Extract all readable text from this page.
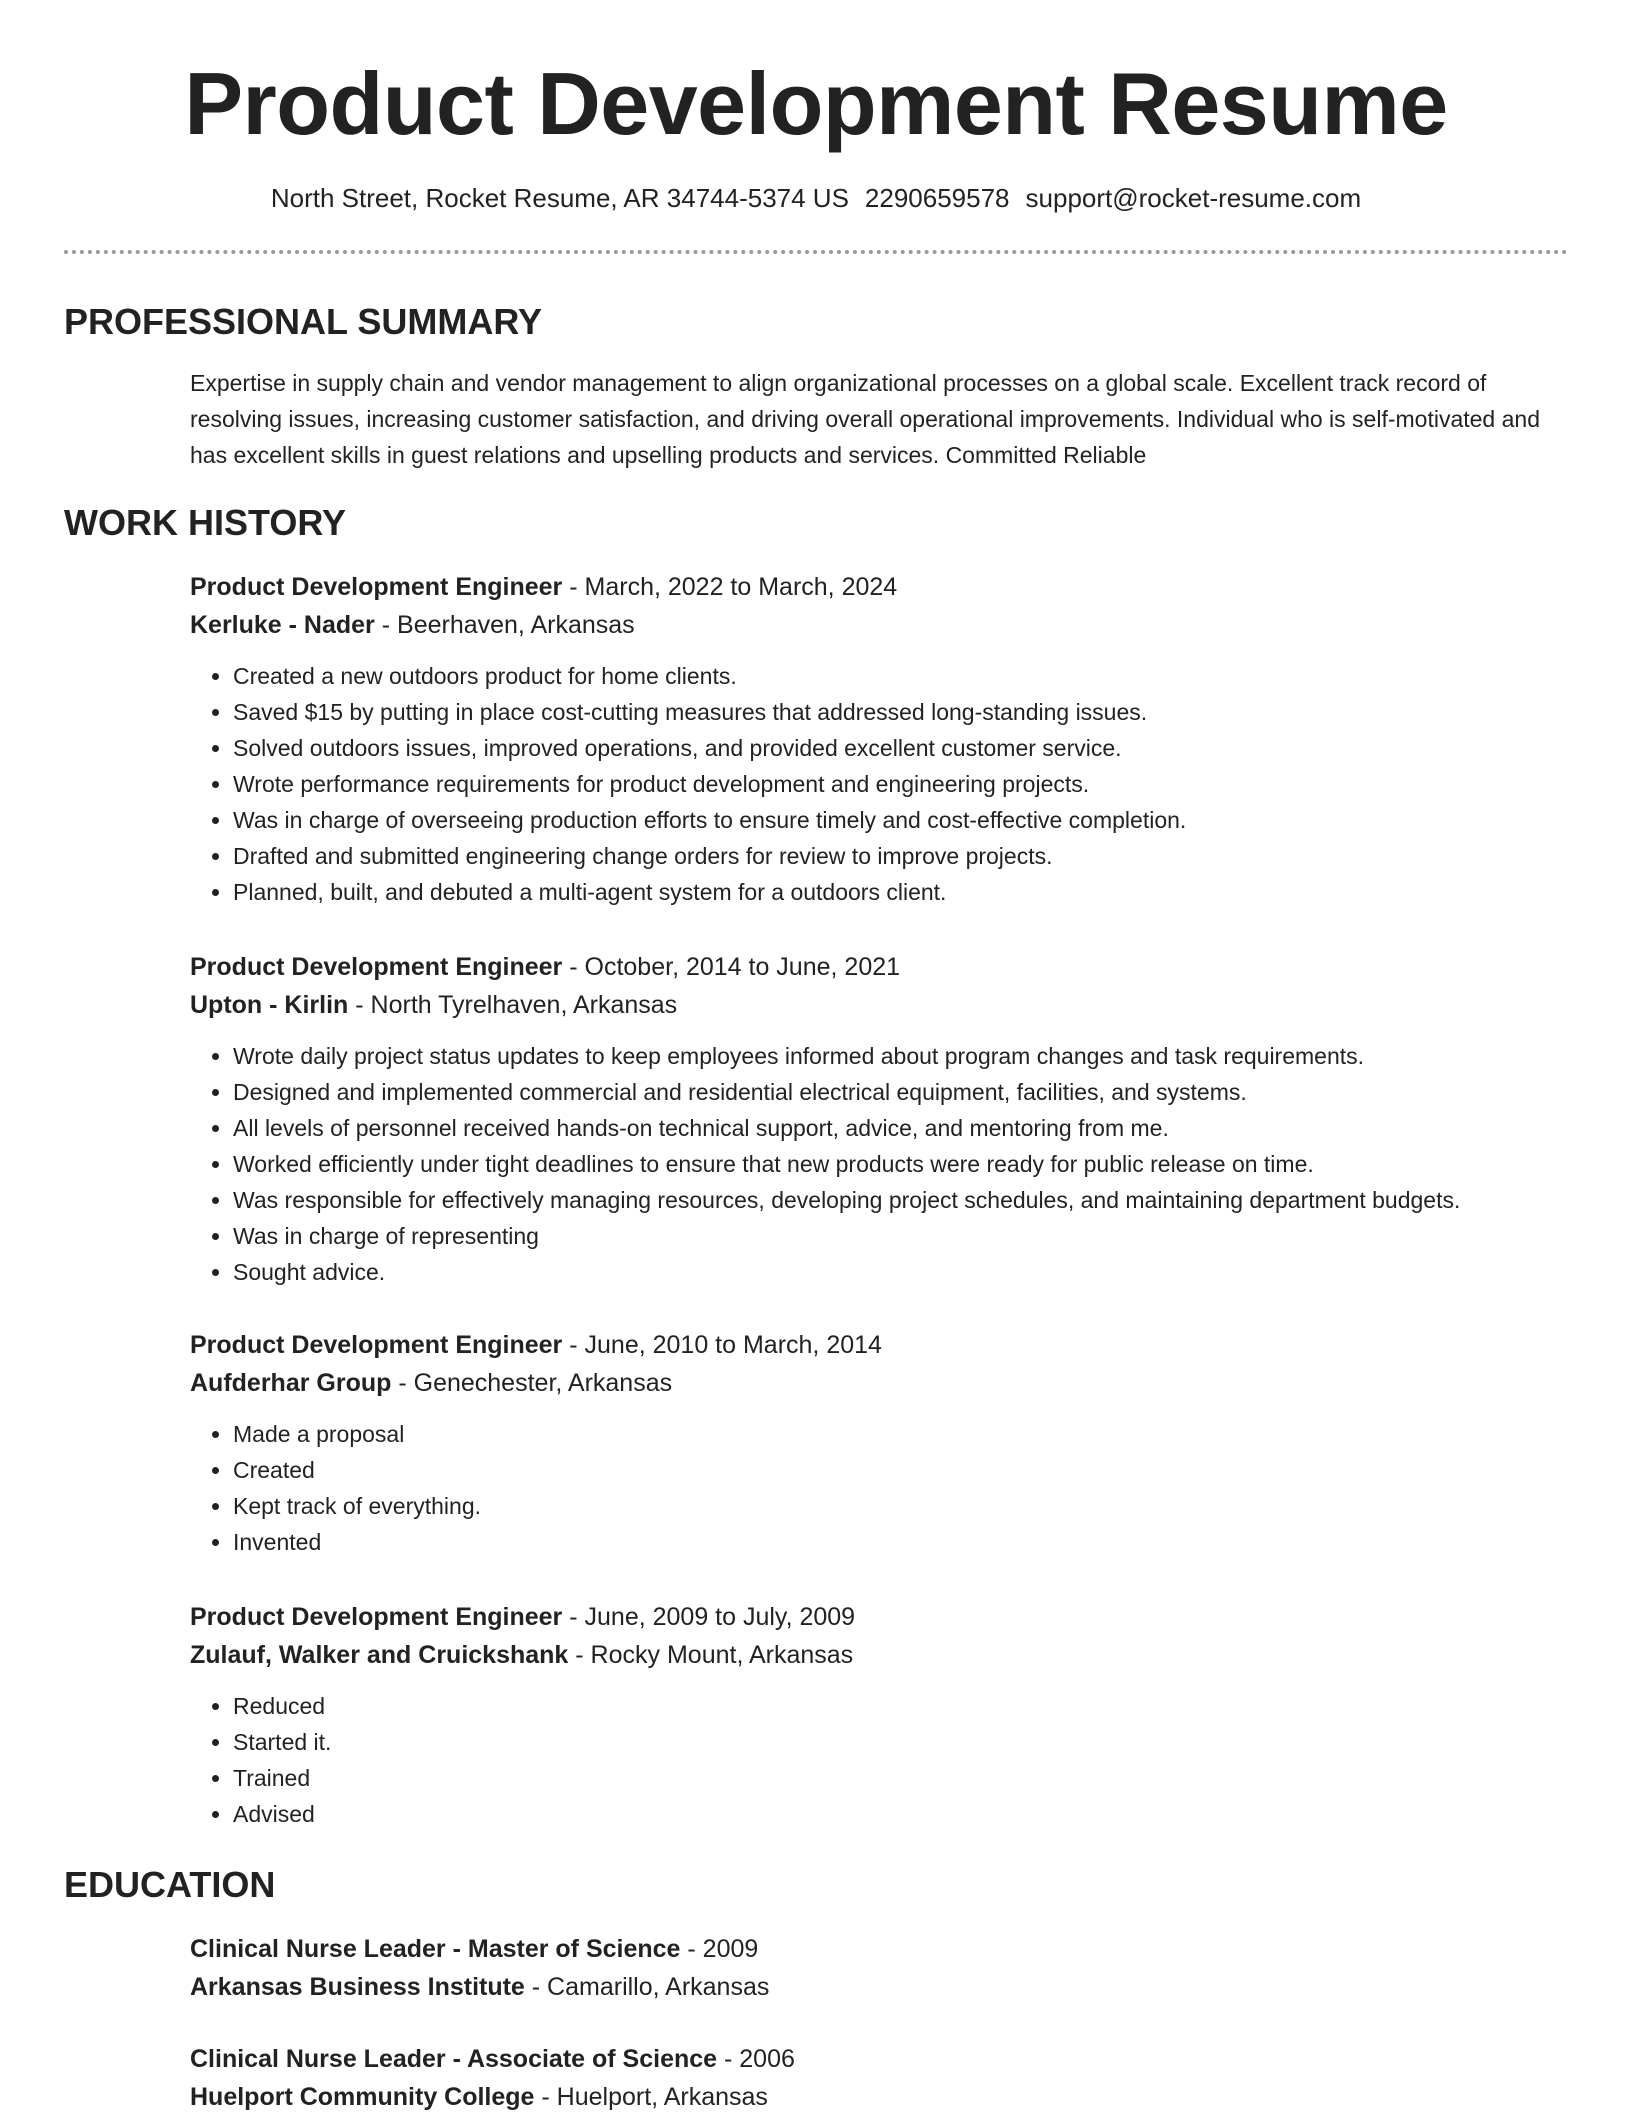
Product Development Resume
North Street, Rocket Resume, AR 34744-5374 US 2290659578 support@rocket-resume.com
PROFESSIONAL SUMMARY

Expertise in supply chain and vendor management to align organizational processes on a global scale. Excellent track record of resolving issues, increasing customer satisfaction, and driving overall operational improvements. Individual who is self-motivated and has excellent skills in guest relations and upselling products and services. Committed Reliable

WORK HISTORY

Product Development Engineer - March, 2022 to March, 2024

Kerluke - Nader - Beerhaven, Arkansas

• Created a new outdoors product for home clients.
• Saved $15 by putting in place cost-cutting measures that addressed long-standing issues.
• Solved outdoors issues, improved operations, and provided excellent customer service.
• Wrote performance requirements for product development and engineering projects.
• Was in charge of overseeing production efforts to ensure timely and cost-effective completion.
• Drafted and submitted engineering change orders for review to improve projects.
• Planned, built, and debuted a multi-agent system for a outdoors client.

Product Development Engineer - October, 2014 to June, 2021

Upton - Kirlin - North Tyrelhaven, Arkansas

• Wrote daily project status updates to keep employees informed about program changes and task requirements.
• Designed and implemented commercial and residential electrical equipment, facilities, and systems.
• All levels of personnel received hands-on technical support, advice, and mentoring from me.
• Worked efficiently under tight deadlines to ensure that new products were ready for public release on time.
• Was responsible for effectively managing resources, developing project schedules, and maintaining department budgets.
• Was in charge of representing
• Sought advice.

Product Development Engineer - June, 2010 to March, 2014

Aufderhar Group - Genechester, Arkansas

• Made a proposal
• Created
• Kept track of everything.
• Invented

Product Development Engineer - June, 2009 to July, 2009

Zulauf, Walker and Cruickshank - Rocky Mount, Arkansas

• Reduced
• Started it.
• Trained
• Advised
EDUCATION

Clinical Nurse Leader - Master of Science - 2009

Arkansas Business Institute - Camarillo, Arkansas

Clinical Nurse Leader - Associate of Science - 2006

Huelport Community College - Huelport, Arkansas
